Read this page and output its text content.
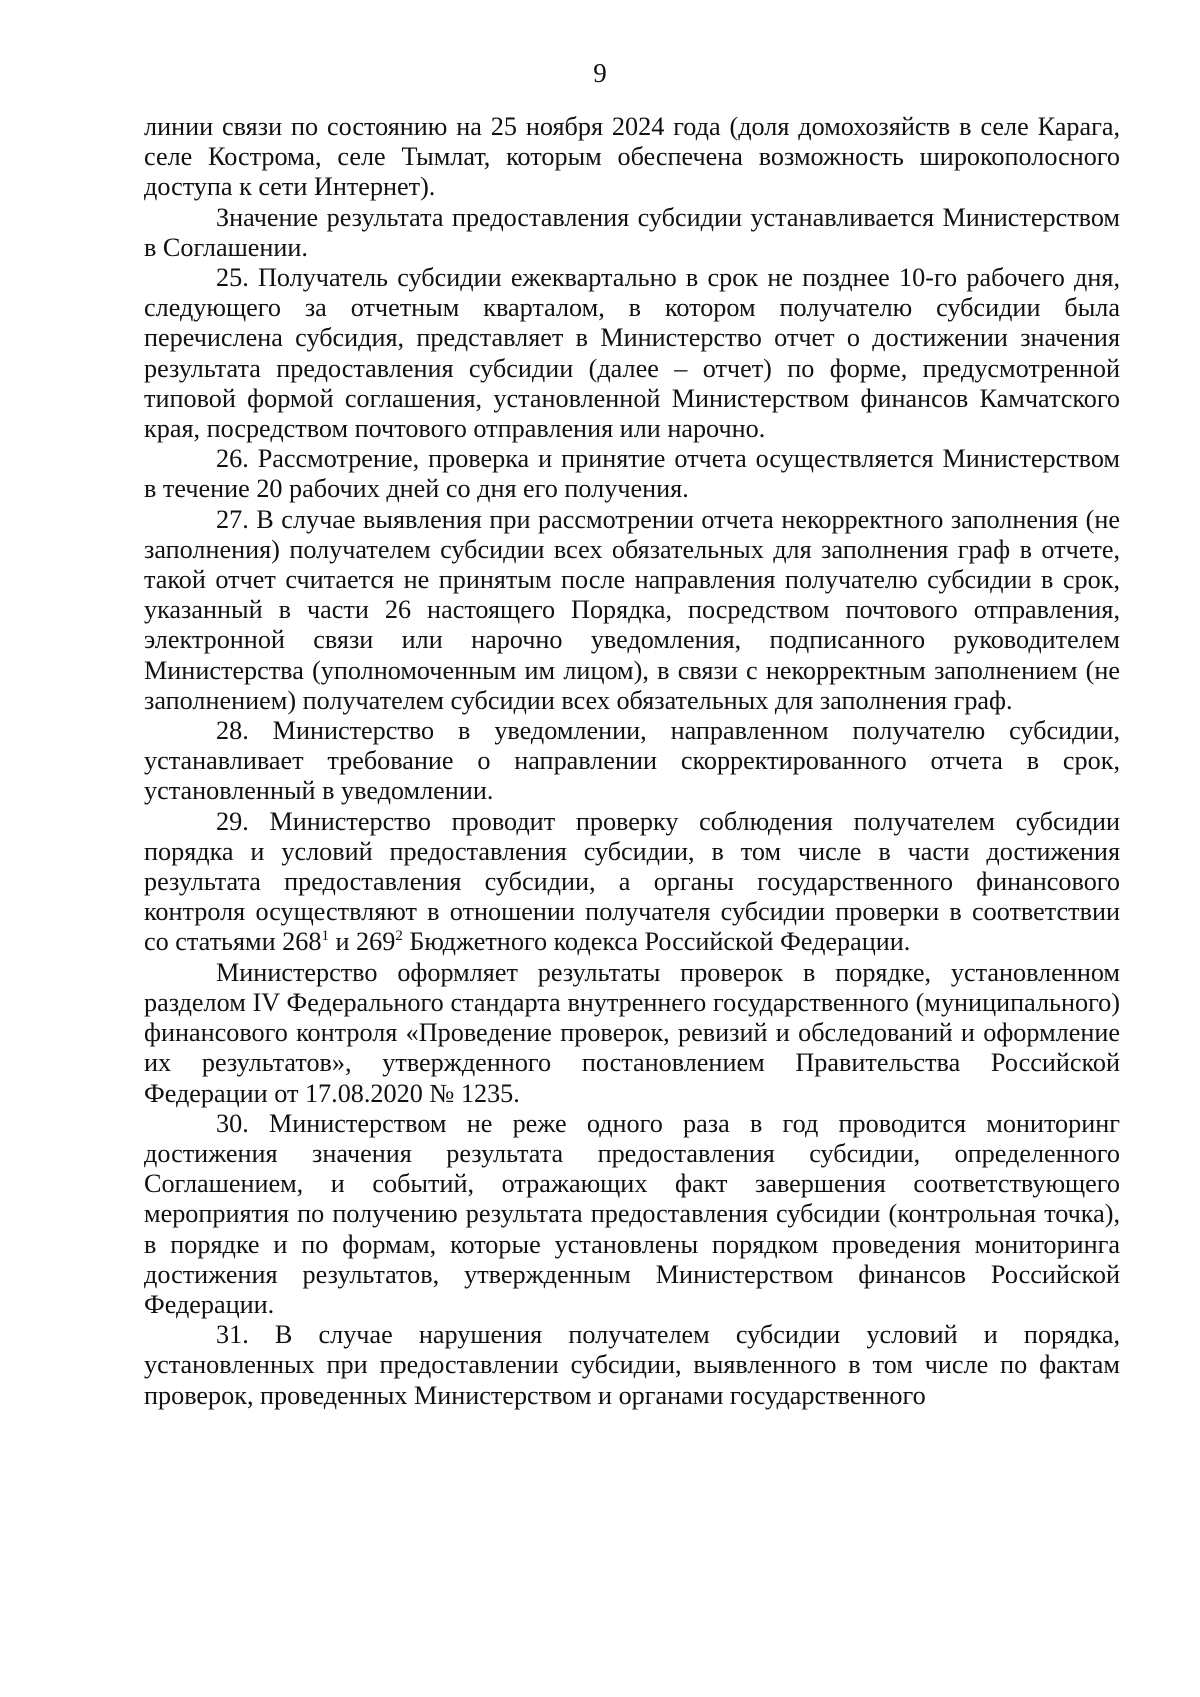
9

линии связи по состоянию на 25 ноября 2024 года (доля домохозяйств в селе Карага, селе Кострома, селе Тымлат, которым обеспечена возможность широкополосного доступа к сети Интернет).

Значение результата предоставления субсидии устанавливается Министерством в Соглашении.

25. Получатель субсидии ежеквартально в срок не позднее 10-го рабочего дня, следующего за отчетным кварталом, в котором получателю субсидии была перечислена субсидия, представляет в Министерство отчет о достижении значения результата предоставления субсидии (далее – отчет) по форме, предусмотренной типовой формой соглашения, установленной Министерством финансов Камчатского края, посредством почтового отправления или нарочно.

26. Рассмотрение, проверка и принятие отчета осуществляется Министерством в течение 20 рабочих дней со дня его получения.

27. В случае выявления при рассмотрении отчета некорректного заполнения (не заполнения) получателем субсидии всех обязательных для заполнения граф в отчете, такой отчет считается не принятым после направления получателю субсидии в срок, указанный в части 26 настоящего Порядка, посредством почтового отправления, электронной связи или нарочно уведомления, подписанного руководителем Министерства (уполномоченным им лицом), в связи с некорректным заполнением (не заполнением) получателем субсидии всех обязательных для заполнения граф.

28. Министерство в уведомлении, направленном получателю субсидии, устанавливает требование о направлении скорректированного отчета в срок, установленный в уведомлении.

29. Министерство проводит проверку соблюдения получателем субсидии порядка и условий предоставления субсидии, в том числе в части достижения результата предоставления субсидии, а органы государственного финансового контроля осуществляют в отношении получателя субсидии проверки в соответствии со статьями $268^1$ и $269^2$ Бюджетного кодекса Российской Федерации.

Министерство оформляет результаты проверок в порядке, установленном разделом IV Федерального стандарта внутреннего государственного (муниципального) финансового контроля «Проведение проверок, ревизий и обследований и оформление их результатов», утвержденного постановлением Правительства Российской Федерации от 17.08.2020 № 1235.

30. Министерством не реже одного раза в год проводится мониторинг достижения значения результата предоставления субсидии, определенного Соглашением, и событий, отражающих факт завершения соответствующего мероприятия по получению результата предоставления субсидии (контрольная точка), в порядке и по формам, которые установлены порядком проведения мониторинга достижения результатов, утвержденным Министерством финансов Российской Федерации.

31. В случае нарушения получателем субсидии условий и порядка, установленных при предоставлении субсидии, выявленного в том числе по фактам проверок, проведенных Министерством и органами государственного
